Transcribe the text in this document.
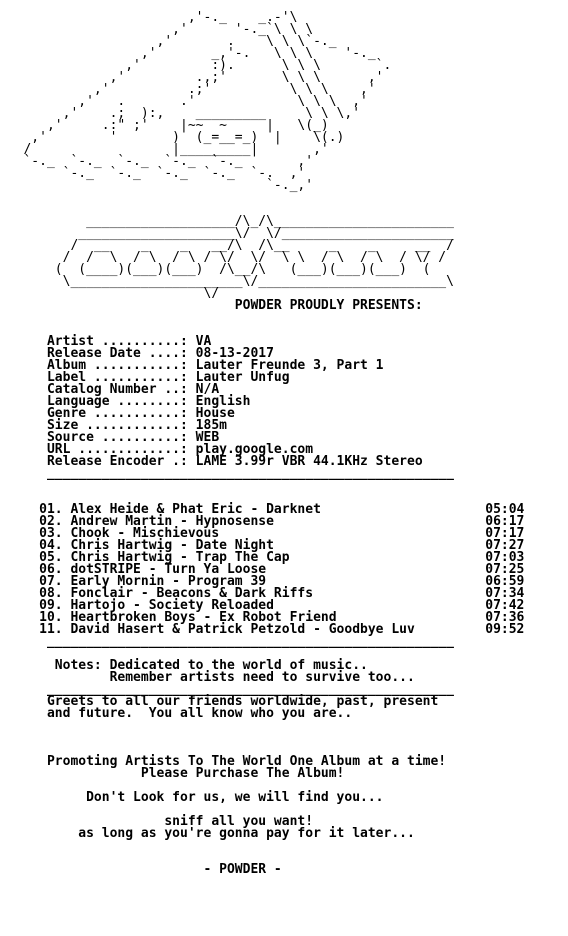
,'-._    _.-'\
,'      '-._`\ \ \
,'       .    \ \ \`-._
,'       _,'-.   \ \ \    '-._
,'         :).      \ \ \       `.
,'         .,;'       \ \ \      ,'
,'          .;'          \ \ \    ,'
,'   .       .'             \ \ \  ,'
,'    .;  ):,    _________     \ \ \,'
,'     .:" ;'    |~~  ~     |   \(_)
,'        '       )  (_=__=_)  |    \(.)
/                  |_________|       ,'
`-._  `-._  `-._  `-._  `-._       ,'
`-._  `-._  `-._  `-._  `-.  ,'
`-._,'
___________________/\_/\_______________________
____________________\/  \/______________________
/  __    _    _   __/\  /\__     _    _     __  /
/  /  \  / \  / \ / \/  \/  \ \  / \  / \  / \/ /
(  (____)(___)(___)  /\__/\   (___)(___)(___)  (
\______________________\/________________________\
\/
POWDER PROUDLY PRESENTS:
Artist ..........: VA
Release Date ....: 08-13-2017
Album ...........: Lauter Freunde 3, Part 1
Label ...........: Lauter Unfug
Catalog Number ..: N/A
Language ........: English
Genre ...........: House
Size ............: 185m
Source ..........: WEB
URL .............: play.google.com
Release Encoder .: LAME 3.99r VBR 44.1KHz Stereo
____________________________________________________
01. Alex Heide & Phat Eric - Darknet                     05:04
02. Andrew Martin - Hypnosense                           06:17
03. Chook - Mischievous                                  07:17
04. Chris Hartwig - Date Night                           07:27
05. Chris Hartwig - Trap The Cap                         07:03
06. dotSTRIPE - Turn Ya Loose                            07:25
07. Early Mornin - Program 39                            06:59
08. Fonclair - Beacons & Dark Riffs                      07:34
09. Hartojo - Society Reloaded                           07:42
10. Heartbroken Boys - Ex Robot Friend                   07:36
11. David Hasert & Patrick Petzold - Goodbye Luv         09:52
____________________________________________________
Notes: Dedicated to the world of music..
Remember artists need to survive too...
____________________________________________________
Greets to all our friends worldwide, past, present
and future.  You all know who you are..
Promoting Artists To The World One Album at a time!
Please Purchase The Album!
Don't Look for us, we will find you...
sniff all you want!
as long as you're gonna pay for it later...
- POWDER -
